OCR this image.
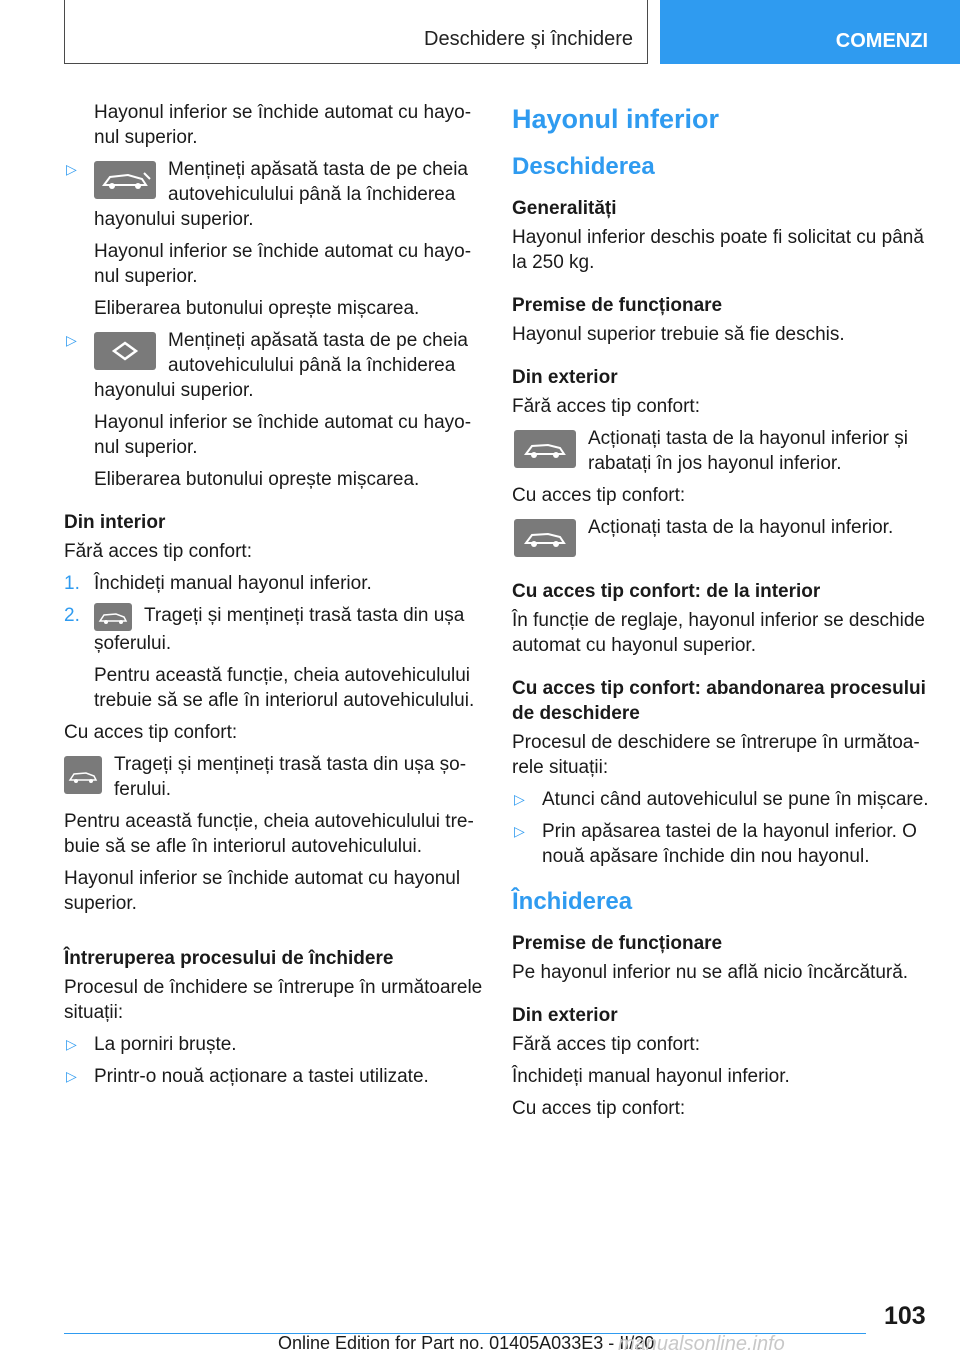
Deschidere și închidere	COMENZI

Hayonul inferior se închide automat cu hayonul superior.

▷	Mențineți apăsată tasta de pe cheia autovehiculului până la închiderea hayonului superior.

Hayonul inferior se închide automat cu hayonul superior.

Eliberarea butonului oprește mișcarea.

▷	Mențineți apăsată tasta de pe cheia autovehiculului până la închiderea hayonului superior.

Hayonul inferior se închide automat cu hayonul superior.

Eliberarea butonului oprește mișcarea.

Din interior

Fără acces tip confort:

1. Închideți manual hayonul inferior.
2.	Trageți și mențineți trasă tasta din ușa șoferului.

Pentru această funcție, cheia autovehiculului trebuie să se afle în interiorul autovehiculului.

Cu acces tip confort:

Trageți și mențineți trasă tasta din ușa șoferului.

Pentru această funcție, cheia autovehiculului trebuie să se afle în interiorul autovehiculului.

Hayonul inferior se închide automat cu hayonul superior.

Întreruperea procesului de închidere

Procesul de închidere se întrerupe în următoarele situații:

▷ La porniri bruște.
▷ Printr-o nouă acționare a tastei utilizate.
Hayonul inferior
Deschiderea
Generalități

Hayonul inferior deschis poate fi solicitat cu până la 250 kg.

Premise de funcționare

Hayonul superior trebuie să fie deschis.

Din exterior

Fără acces tip confort:

Acționați tasta de la hayonul inferior și rabatați în jos hayonul inferior.

Cu acces tip confort:

Acționați tasta de la hayonul inferior.
Cu acces tip confort: de la interior

În funcție de reglaje, hayonul inferior se deschide automat cu hayonul superior.

Cu acces tip confort: abandonarea procesului de deschidere

Procesul de deschidere se întrerupe în următoarele situații:

▷ Atunci când autovehiculul se pune în mișcare.
▷ Prin apăsarea tastei de la hayonul inferior. O nouă apăsare închide din nou hayonul.
Închiderea
Premise de funcționare

Pe hayonul inferior nu se află nicio încărcătură.

Din exterior

Fără acces tip confort:

Închideți manual hayonul inferior.

Cu acces tip confort:

103
Online Edition for Part no. 01405A033E3 - II/20
manualsonline.info
